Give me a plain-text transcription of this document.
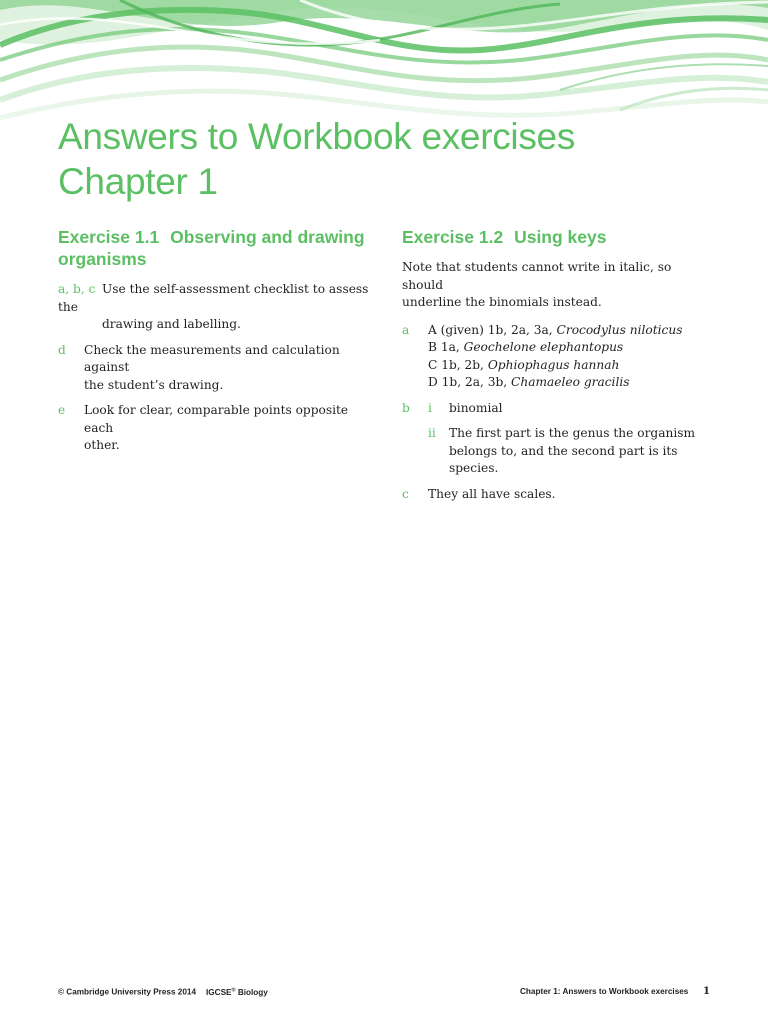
Answers to Workbook exercises
Chapter 1
Exercise 1.1 Observing and drawing
organisms
a, b, c Use the self-assessment checklist to assess the
drawing and labelling.
d	Check the measurements and calculation against
the student’s drawing.
e	Look for clear, comparable points opposite each
other.
Exercise 1.2 Using keys
Note that students cannot write in italic, so should
underline the binomials instead.
a	A (given) 1b, 2a, 3a, Crocodylus niloticus
B 1a, Geochelone elephantopus
C 1b, 2b, Ophiophagus hannah
D 1b, 2a, 3b, Chamaeleo gracilis
b	i	binomial
ii	The first part is the genus the organism
belongs to, and the second part is its species.
c	They all have scales.
© Cambridge University Press 2014 IGCSE® Biology	Chapter 1: Answers to Workbook exercises 1
